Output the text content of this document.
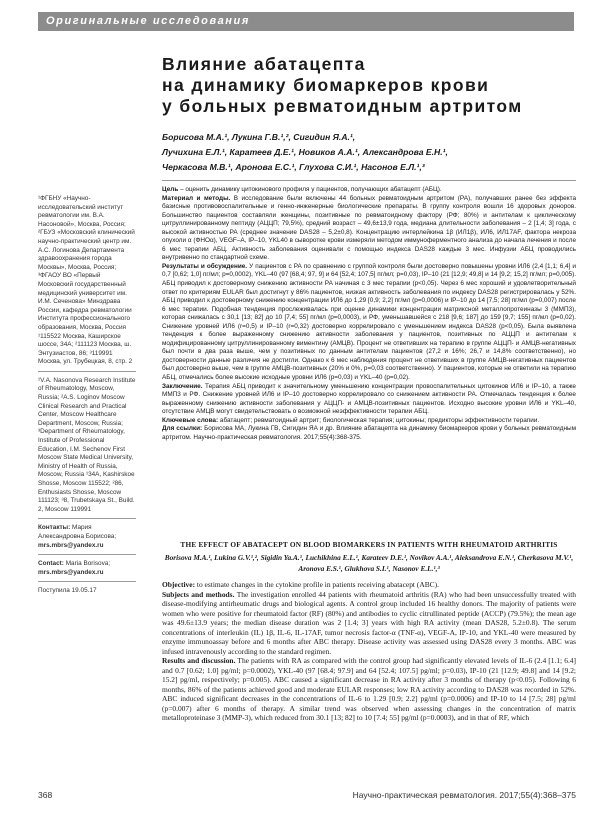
Оригинальные исследования
Влияние абатацепта
на динамику биомаркеров крови
у больных ревматоидным артритом
Борисова М.А.¹, Лукина Г.В.¹,², Сигидин Я.А.¹,
Лучихина Е.Л.¹, Каратеев Д.Е.¹, Новиков А.А.¹, Александрова Е.Н.¹,
Черкасова М.В.¹, Аронова Е.С.¹, Глухова С.И.¹, Насонов Е.Л.¹,³

¹ФГБНУ «Научно-исследовательский институт ревматологии им. В.А. Насоновой», Москва, Россия; ²ГБУЗ «Московский клинический научно-практический центр им. А.С. Логинова Департамента здравоохранения города Москвы», Москва, Россия; ³ФГАОУ ВО «Первый Московский государственный медицинский университет им. И.М. Сеченова» Минздрава России, кафедра ревматологии Института профессионального образования, Москва, Россия ¹115522 Москва, Каширское шоссе, 34А; ²111123 Москва, ш. Энтузиастов, 86; ³119991 Москва, ул. Трубецкая, 8, стр. 2

¹V.A. Nasonova Research Institute of Rheumatology, Moscow, Russia; ²A.S. Loginov Moscow Clinical Research and Practical Center, Moscow Healthcare Department, Moscow, Russia; ³Department of Rheumatology, Institute of Professional Education, I.M. Sechenov First Moscow State Medical University, Ministry of Health of Russia, Moscow, Russia ¹34A, Kashirskoe Shosse, Moscow 115522; ²86, Enthusiasts Shosse, Moscow 111123; ³8, Trubetskaya St., Build. 2, Moscow 119991

Контакты: Мария Александровна Борисова;
mrs.mbrs@yandex.ru
Contact: Maria Borisova;
mrs.mbrs@yandex.ru
Поступила 19.05.17

Цель – оценить динамику цитокинового профиля у пациентов, получающих абатацепт (АБЦ).

Материал и методы. В исследование были включены 44 больных ревматоидным артритом (РА), получавших ранее без эффекта базисные противовоспалительные и генно-инженерные биологические препараты. В группу контроля вошли 16 здоровых доноров. Большинство пациентов составляли женщины, позитивные по ревматоидному фактору (РФ; 80%) и антителам к циклическому цитруллинированному пептиду (АЦЦП; 79,5%), средний возраст – 49,6±13,9 года, медиана длительности заболевания – 2 [1,4; 3] года, с высокой активностью РА (среднее значение DAS28 – 5,2±0,8). Концентрацию интерлейкина 1β (ИЛ1β), ИЛ6, ИЛ17АF, фактора некроза опухоли α (ФНОα), VEGF–A, IP–10, YKL40 в сыворотке крови измеряли методом иммуноферментного анализа до начала лечения и после 6 мес терапии АБЦ. Активность заболевания оценивали с помощью индекса DAS28 каждые 3 мес. Инфузии АБЦ проводились внутривенно по стандартной схеме.

Результаты и обсуждение. У пациентов с РА по сравнению с группой контроля были достоверно повышены уровни ИЛ6 (2,4 [1,1; 6,4] и 0,7 [0,62; 1,0] пг/мл; p=0,0002), YKL–40 (97 [68,4; 97, 9] и 64 [52,4; 107,5] пг/мл; p=0,03), IP–10 (21 [12,9; 49,8] и 14 [9,2; 15,2] пг/мл; p=0,005). АБЦ приводил к достоверному снижению активности РА начиная с 3 мес терапии (p<0,05). Через 6 мес хороший и удовлетворительный ответ по критериям EULAR был достигнут у 86% пациентов, низкая активность заболевания по индексу DAS28 регистрировалась у 52%. АБЦ приводил к достоверному снижению концентрации ИЛ6 до 1,29 [0,9; 2,2] пг/мл (p=0,0006) и IP–10 до 14 [7,5; 28] пг/мл (p=0,007) после 6 мес терапии. Подобная тенденция прослеживалась при оценке динамики концентрации матриксной металлопротеиназы 3 (ММП3), которая снижалась с 30,1 [13; 82] до 10 [7,4; 55] пг/мл (p=0,0003), и РФ, уменьшавшейся с 218 [9,6; 187] до 159 [9,7; 155] пг/мл (p=0,02). Снижение уровней ИЛ6 (r=0,5) и IP–10 (r=0,32) достоверно коррелировало с уменьшением индекса DAS28 (p<0,05). Была выявлена тенденция к более выраженному снижению активности заболевания у пациентов, позитивных по АЦЦП и антителам к модифицированному цитруллинированному виментину (АМЦВ). Процент не ответивших на терапию в группе АЦЦП- и АМЦВ-негативных был почти в два раза выше, чем у позитивных по данным антителам пациентов (27,2 и 16%; 26,7 и 14,8% соответственно), но достоверности данные различия не достигли. Однако к 6 мес наблюдения процент не ответивших в группе АМЦВ-негативных пациентов был достоверно выше, чем в группе АМЦВ-позитивных (20% и 0%, p=0,03 соответственно). У пациентов, которые не ответили на терапию АБЦ, отмечались более высокие исходные уровни ИЛ6 (p=0,03) и YKL–40 (p=0,02).

Заключение. Терапия АБЦ приводит к значительному уменьшению концентрации провоспалительных цитокинов ИЛ6 и IP–10, а также ММП3 и РФ. Снижение уровней ИЛ6 и IP–10 достоверно коррелировало со снижением активности РА. Отмечалась тенденция к более выраженному снижению активности заболевания у АЦЦП- и АМЦВ-позитивных пациентов. Исходно высокие уровни ИЛ6 и YKL–40, отсутствие АМЦВ могут свидетельствовать о возможной неэффективности терапии АБЦ.

Ключевые слова: абатацепт; ревматоидный артрит; биологическая терапия; цитокины; предикторы эффективности терапии.

Для ссылки: Борисова МА, Лукина ГВ, Сигидин ЯА и др. Влияние абатацепта на динамику биомаркеров крови у больных ревматоидным артритом. Научно-практическая ревматология. 2017;55(4):368-375.

THE EFFECT OF ABATACEPT ON BLOOD BIOMARKERS IN PATIENTS WITH RHEUMATOID ARTHRITIS
Borisova M.A.¹, Lukina G.V.¹,², Sigidin Ya.A.¹, Luchikhina E.L.¹, Karateev D.E.¹, Novikov A.A.¹, Aleksandrova E.N.¹, Cherkasova M.V.¹, Aronova E.S.¹, Glukhova S.I.¹, Nasonov E.L.¹,³

Objective: to estimate changes in the cytokine profile in patients receiving abatacept (ABC).

Subjects and methods. The investigation enrolled 44 patients with rheumatoid arthritis (RA) who had been unsuccessfully treated with disease-modifying antirheumatic drugs and biological agents. A control group included 16 healthy donors. The majority of patients were women who were positive for rheumatoid factor (RF) (80%) and antibodies to cyclic citrullinated peptide (ACCP) (79.5%); the mean age was 49.6±13.9 years; the median disease duration was 2 [1.4; 3] years with high RA activity (mean DAS28, 5.2±0.8). The serum concentrations of interleukin (IL) 1β, IL-6, IL-17AF, tumor necrosis factor-α (TNF-α), VEGF-A, IP-10, and YKL-40 were measured by enzyme immunoassay before and 6 months after ABC therapy. Disease activity was assessed using DAS28 every 3 months. ABC was infused intravenously according to the standard regimen.

Results and discussion. The patients with RA as compared with the control group had significantly elevated levels of IL-6 (2.4 [1.1; 6.4] and 0.7 [0.62; 1.0] pg/ml; p=0.0002), YKL-40 (97 [68.4; 97.9] and 64 [52.4; 107.5] pg/ml; p=0.03), IP-10 (21 [12.9; 49.8] and 14 [9.2; 15.2] pg/ml, respectively; p=0.005). ABC caused a significant decrease in RA activity after 3 months of therapy (p<0.05). Following 6 months, 86% of the patients achieved good and moderate EULAR responses; low RA activity according to DAS28 was recorded in 52%. ABC induced significant decreases in the concentrations of IL-6 to 1.29 [0.9; 2.2] pg/ml (p=0.0006) and IP-10 to 14 [7.5; 28] pg/ml (p=0.007) after 6 months of therapy. A similar trend was observed when assessing changes in the concentration of matrix metalloproteinase 3 (MMP-3), which reduced from 30.1 [13; 82] to 10 [7.4; 55] pg/ml (p=0.0003), and in that of RF, which

368	Научно-практическая ревматология. 2017;55(4):368–375
